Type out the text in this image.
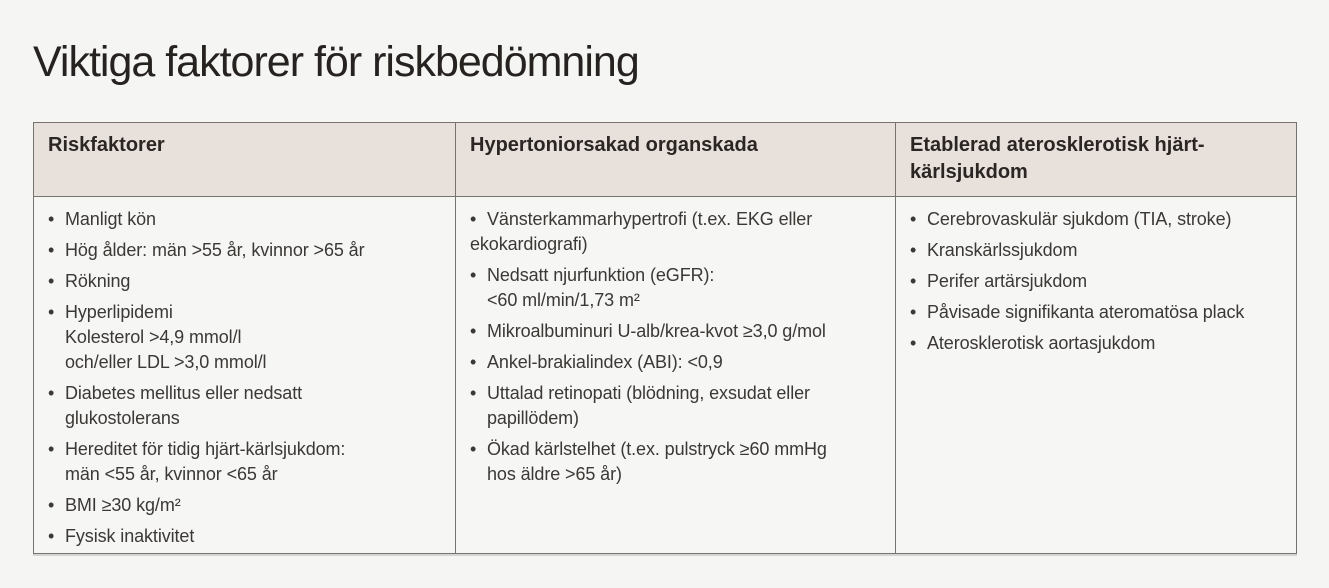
Viktiga faktorer för riskbedömning
Riskfaktorer	Hypertoniorsakad organskada	Etablerad aterosklerotisk hjärt-kärlsjukdom

• Manligt kön
• Hög ålder: män >55 år, kvinnor >65 år
• Rökning
• Hyperlipidemi
Kolesterol >4,9 mmol/l
och/eller LDL >3,0 mmol/l
• Diabetes mellitus eller nedsatt
glukostolerans
• Hereditet för tidig hjärt-kärlsjukdom:
män <55 år, kvinnor <65 år
• BMI ≥30 kg/m²
• Fysisk inaktivitet

• Vänsterkammarhypertrofi (t.ex. EKG eller
ekokardiografi)
• Nedsatt njurfunktion (eGFR):
<60 ml/min/1,73 m²
• Mikroalbuminuri U-alb/krea-kvot ≥3,0 g/mol
• Ankel-brakialindex (ABI): <0,9
• Uttalad retinopati (blödning, exsudat eller
papillödem)
• Ökad kärlstelhet (t.ex. pulstryck ≥60 mmHg
hos äldre >65 år)

• Cerebrovaskulär sjukdom (TIA, stroke)
• Kranskärlssjukdom
• Perifer artärsjukdom
• Påvisade signifikanta ateromatösa plack
• Aterosklerotisk aortasjukdom
